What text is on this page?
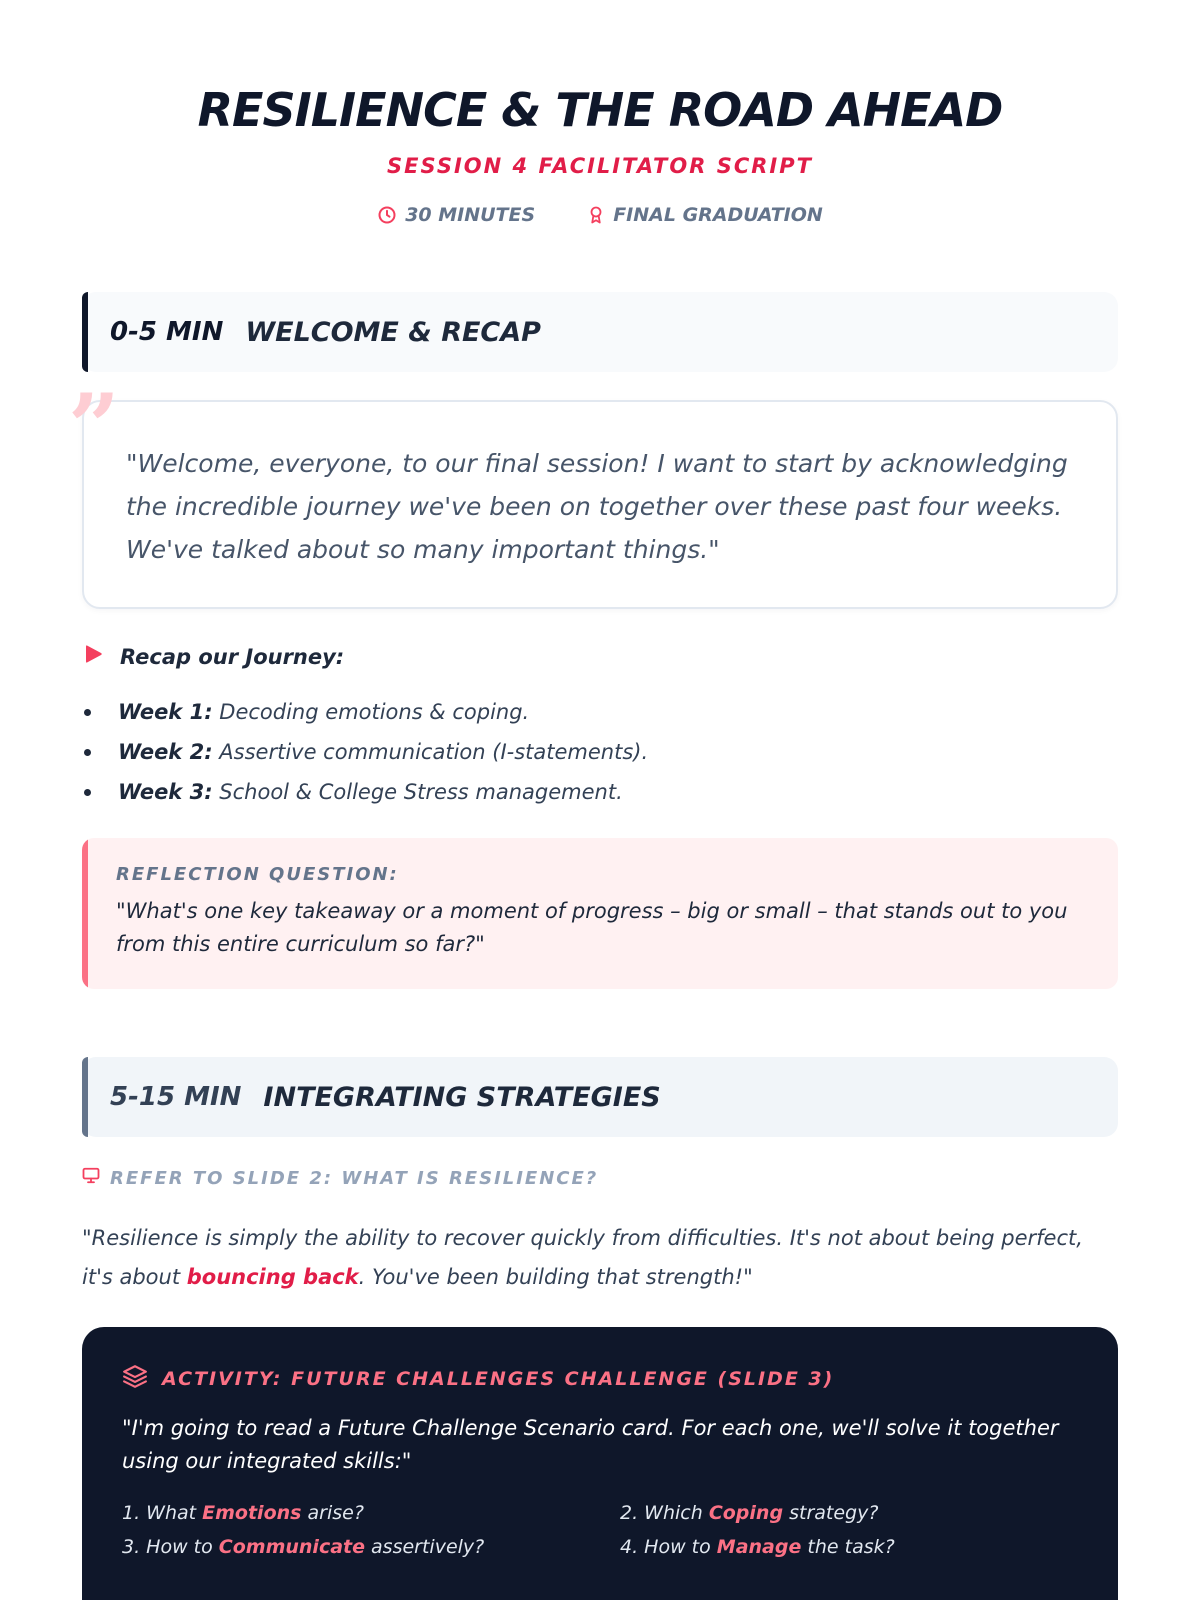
RESILIENCE & THE ROAD AHEAD
SESSION 4 FACILITATOR SCRIPT
30 MINUTES	FINAL GRADUATION
0-5 MIN WELCOME & RECAP
” "Welcome, everyone, to our final session! I want to start by acknowledging the incredible journey we've been on together over these past four weeks. We've talked about so many important things."

Recap our Journey:
Week 1: Decoding emotions & coping.
Week 2: Assertive communication (I-statements).
Week 3: School & College Stress management.
REFLECTION QUESTION:
"What's one key takeaway or a moment of progress – big or small – that stands out to you from this entire curriculum so far?"
5-15 MIN INTEGRATING STRATEGIES
REFER TO SLIDE 2: WHAT IS RESILIENCE?
"Resilience is simply the ability to recover quickly from difficulties. It's not about being perfect, it's about bouncing back. You've been building that strength!"
ACTIVITY: FUTURE CHALLENGES CHALLENGE (SLIDE 3)
"I'm going to read a Future Challenge Scenario card. For each one, we'll solve it together using our integrated skills:"
1. What Emotions arise?	2. Which Coping strategy?
3. How to Communicate assertively?	4. How to Manage the task?
